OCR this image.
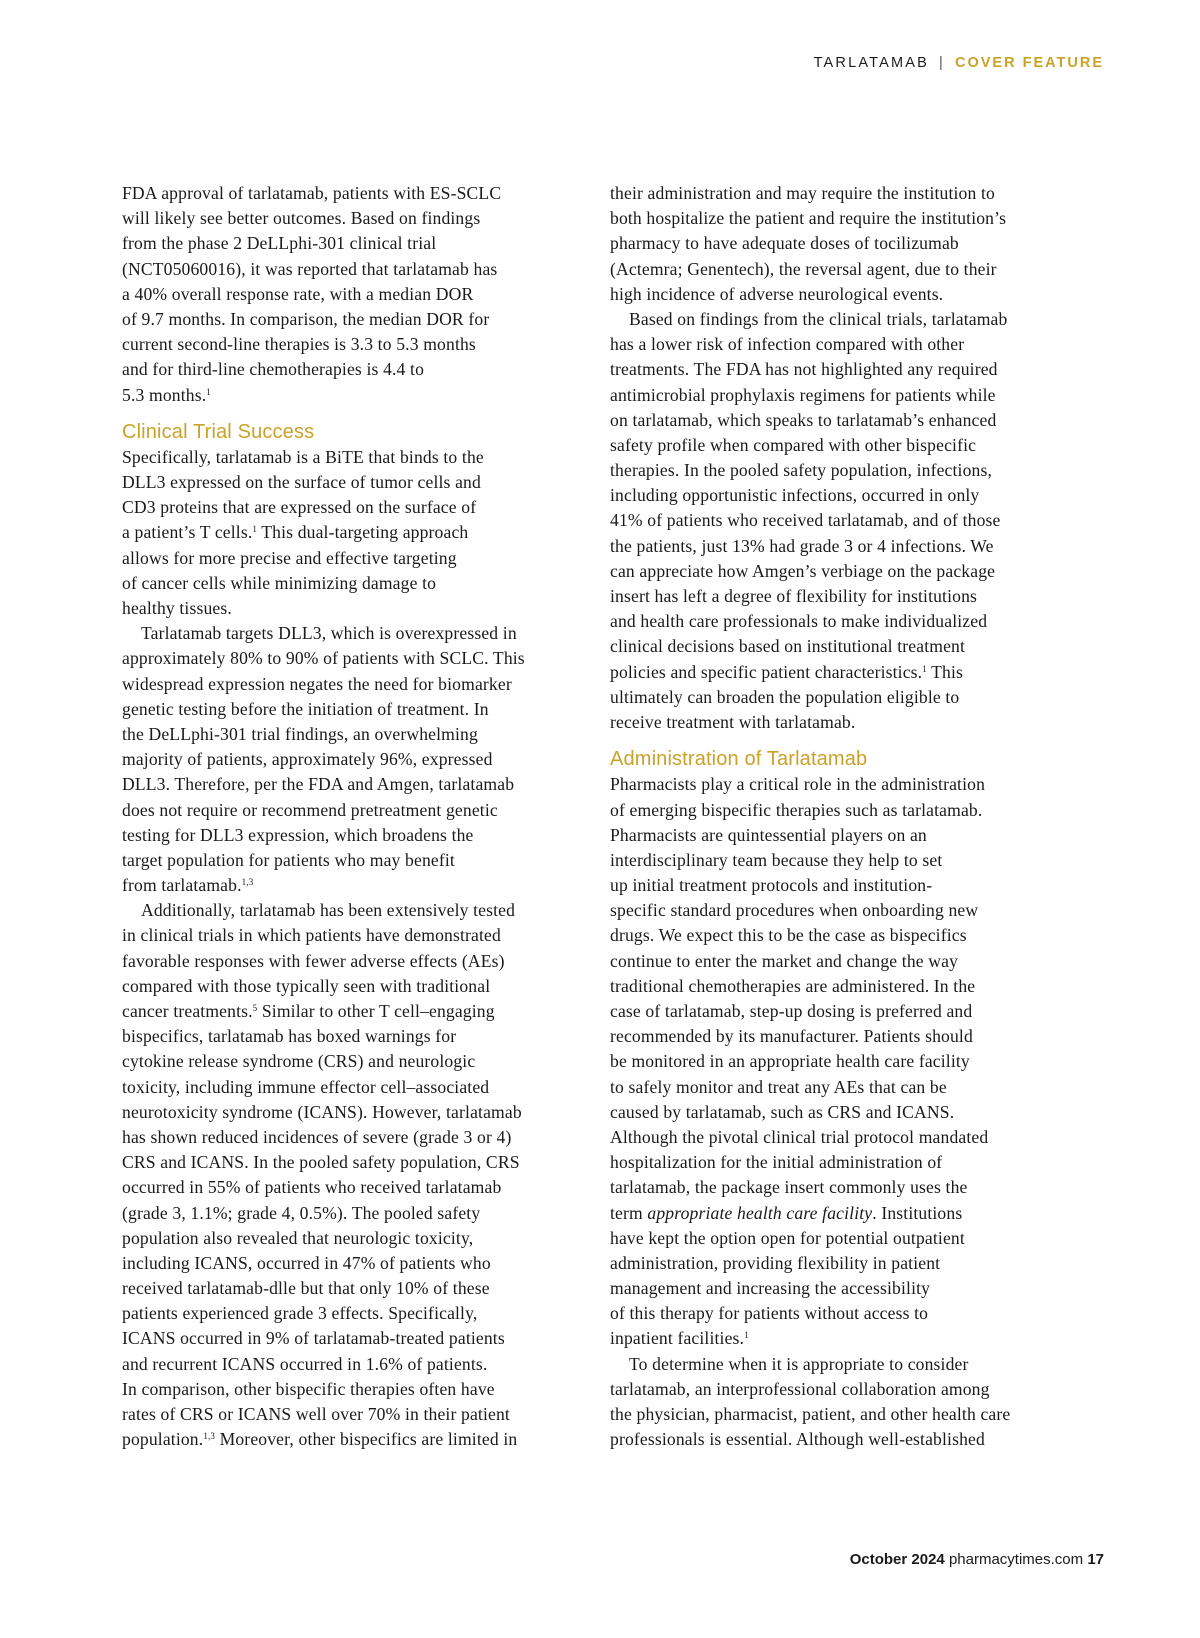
TARLATAMAB | COVER FEATURE
FDA approval of tarlatamab, patients with ES-SCLC
will likely see better outcomes. Based on findings
from the phase 2 DeLLphi-301 clinical trial
(NCT05060016), it was reported that tarlatamab has
a 40% overall response rate, with a median DOR
of 9.7 months. In comparison, the median DOR for
current second-line therapies is 3.3 to 5.3 months
and for third-line chemotherapies is 4.4 to
5.3 months.$^1$
Clinical Trial Success
Specifically, tarlatamab is a BiTE that binds to the
DLL3 expressed on the surface of tumor cells and
CD3 proteins that are expressed on the surface of
a patient’s T cells.$^1$ This dual-targeting approach
allows for more precise and effective targeting
of cancer cells while minimizing damage to
healthy tissues.
Tarlatamab targets DLL3, which is overexpressed in
approximately 80% to 90% of patients with SCLC. This
widespread expression negates the need for biomarker
genetic testing before the initiation of treatment. In
the DeLLphi-301 trial findings, an overwhelming
majority of patients, approximately 96%, expressed
DLL3. Therefore, per the FDA and Amgen, tarlatamab
does not require or recommend pretreatment genetic
testing for DLL3 expression, which broadens the
target population for patients who may benefit
from tarlatamab.$^{1,3}$
Additionally, tarlatamab has been extensively tested
in clinical trials in which patients have demonstrated
favorable responses with fewer adverse effects (AEs)
compared with those typically seen with traditional
cancer treatments.$^5$ Similar to other T cell–engaging
bispecifics, tarlatamab has boxed warnings for
cytokine release syndrome (CRS) and neurologic
toxicity, including immune effector cell–associated
neurotoxicity syndrome (ICANS). However, tarlatamab
has shown reduced incidences of severe (grade 3 or 4)
CRS and ICANS. In the pooled safety population, CRS
occurred in 55% of patients who received tarlatamab
(grade 3, 1.1%; grade 4, 0.5%). The pooled safety
population also revealed that neurologic toxicity,
including ICANS, occurred in 47% of patients who
received tarlatamab-dlle but that only 10% of these
patients experienced grade 3 effects. Specifically,
ICANS occurred in 9% of tarlatamab-treated patients
and recurrent ICANS occurred in 1.6% of patients.
In comparison, other bispecific therapies often have
rates of CRS or ICANS well over 70% in their patient
population.$^{1,3}$ Moreover, other bispecifics are limited in
their administration and may require the institution to
both hospitalize the patient and require the institution’s
pharmacy to have adequate doses of tocilizumab
(Actemra; Genentech), the reversal agent, due to their
high incidence of adverse neurological events.
Based on findings from the clinical trials, tarlatamab
has a lower risk of infection compared with other
treatments. The FDA has not highlighted any required
antimicrobial prophylaxis regimens for patients while
on tarlatamab, which speaks to tarlatamab’s enhanced
safety profile when compared with other bispecific
therapies. In the pooled safety population, infections,
including opportunistic infections, occurred in only
41% of patients who received tarlatamab, and of those
the patients, just 13% had grade 3 or 4 infections. We
can appreciate how Amgen’s verbiage on the package
insert has left a degree of flexibility for institutions
and health care professionals to make individualized
clinical decisions based on institutional treatment
policies and specific patient characteristics.$^1$ This
ultimately can broaden the population eligible to
receive treatment with tarlatamab.
Administration of Tarlatamab
Pharmacists play a critical role in the administration
of emerging bispecific therapies such as tarlatamab.
Pharmacists are quintessential players on an
interdisciplinary team because they help to set
up initial treatment protocols and institution-
specific standard procedures when onboarding new
drugs. We expect this to be the case as bispecifics
continue to enter the market and change the way
traditional chemotherapies are administered. In the
case of tarlatamab, step-up dosing is preferred and
recommended by its manufacturer. Patients should
be monitored in an appropriate health care facility
to safely monitor and treat any AEs that can be
caused by tarlatamab, such as CRS and ICANS.
Although the pivotal clinical trial protocol mandated
hospitalization for the initial administration of
tarlatamab, the package insert commonly uses the
term appropriate health care facility. Institutions
have kept the option open for potential outpatient
administration, providing flexibility in patient
management and increasing the accessibility
of this therapy for patients without access to
inpatient facilities.$^1$
To determine when it is appropriate to consider
tarlatamab, an interprofessional collaboration among
the physician, pharmacist, patient, and other health care
professionals is essential. Although well-established
October 2024 pharmacytimes.com 17
